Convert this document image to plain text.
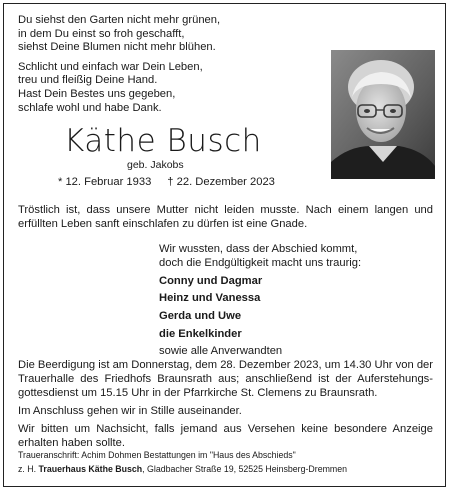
Du siehst den Garten nicht mehr grünen,
in dem Du einst so froh geschafft,
siehst Deine Blumen nicht mehr blühen.
Schlicht und einfach war Dein Leben,
treu und fleißig Deine Hand.
Hast Dein Bestes uns gegeben,
schlafe wohl und habe Dank.
Käthe Busch
geb. Jakobs
* 12. Februar 1933 † 22. Dezember 2023
Tröstlich ist, dass unsere Mutter nicht leiden musste. Nach einem langen und erfüllten Leben sanft einschlafen zu dürfen ist eine Gnade.
Wir wussten, dass der Abschied kommt,
doch die Endgültigkeit macht uns traurig:
Conny und Dagmar
Heinz und Vanessa
Gerda und Uwe
die Enkelkinder
sowie alle Anverwandten

Die Beerdigung ist am Donnerstag, dem 28. Dezember 2023, um 14.30 Uhr von der Trauerhalle des Friedhofs Braunsrath aus; anschließend ist der Auferstehungs-gottesdienst um 15.15 Uhr in der Pfarrkirche St. Clemens zu Braunsrath.

Im Anschluss gehen wir in Stille auseinander.

Wir bitten um Nachsicht, falls jemand aus Versehen keine besondere Anzeige erhalten haben sollte.

Traueranschrift: Achim Dohmen Bestattungen im "Haus des Abschieds"
z. H. Trauerhaus Käthe Busch, Gladbacher Straße 19, 52525 Heinsberg-Dremmen
